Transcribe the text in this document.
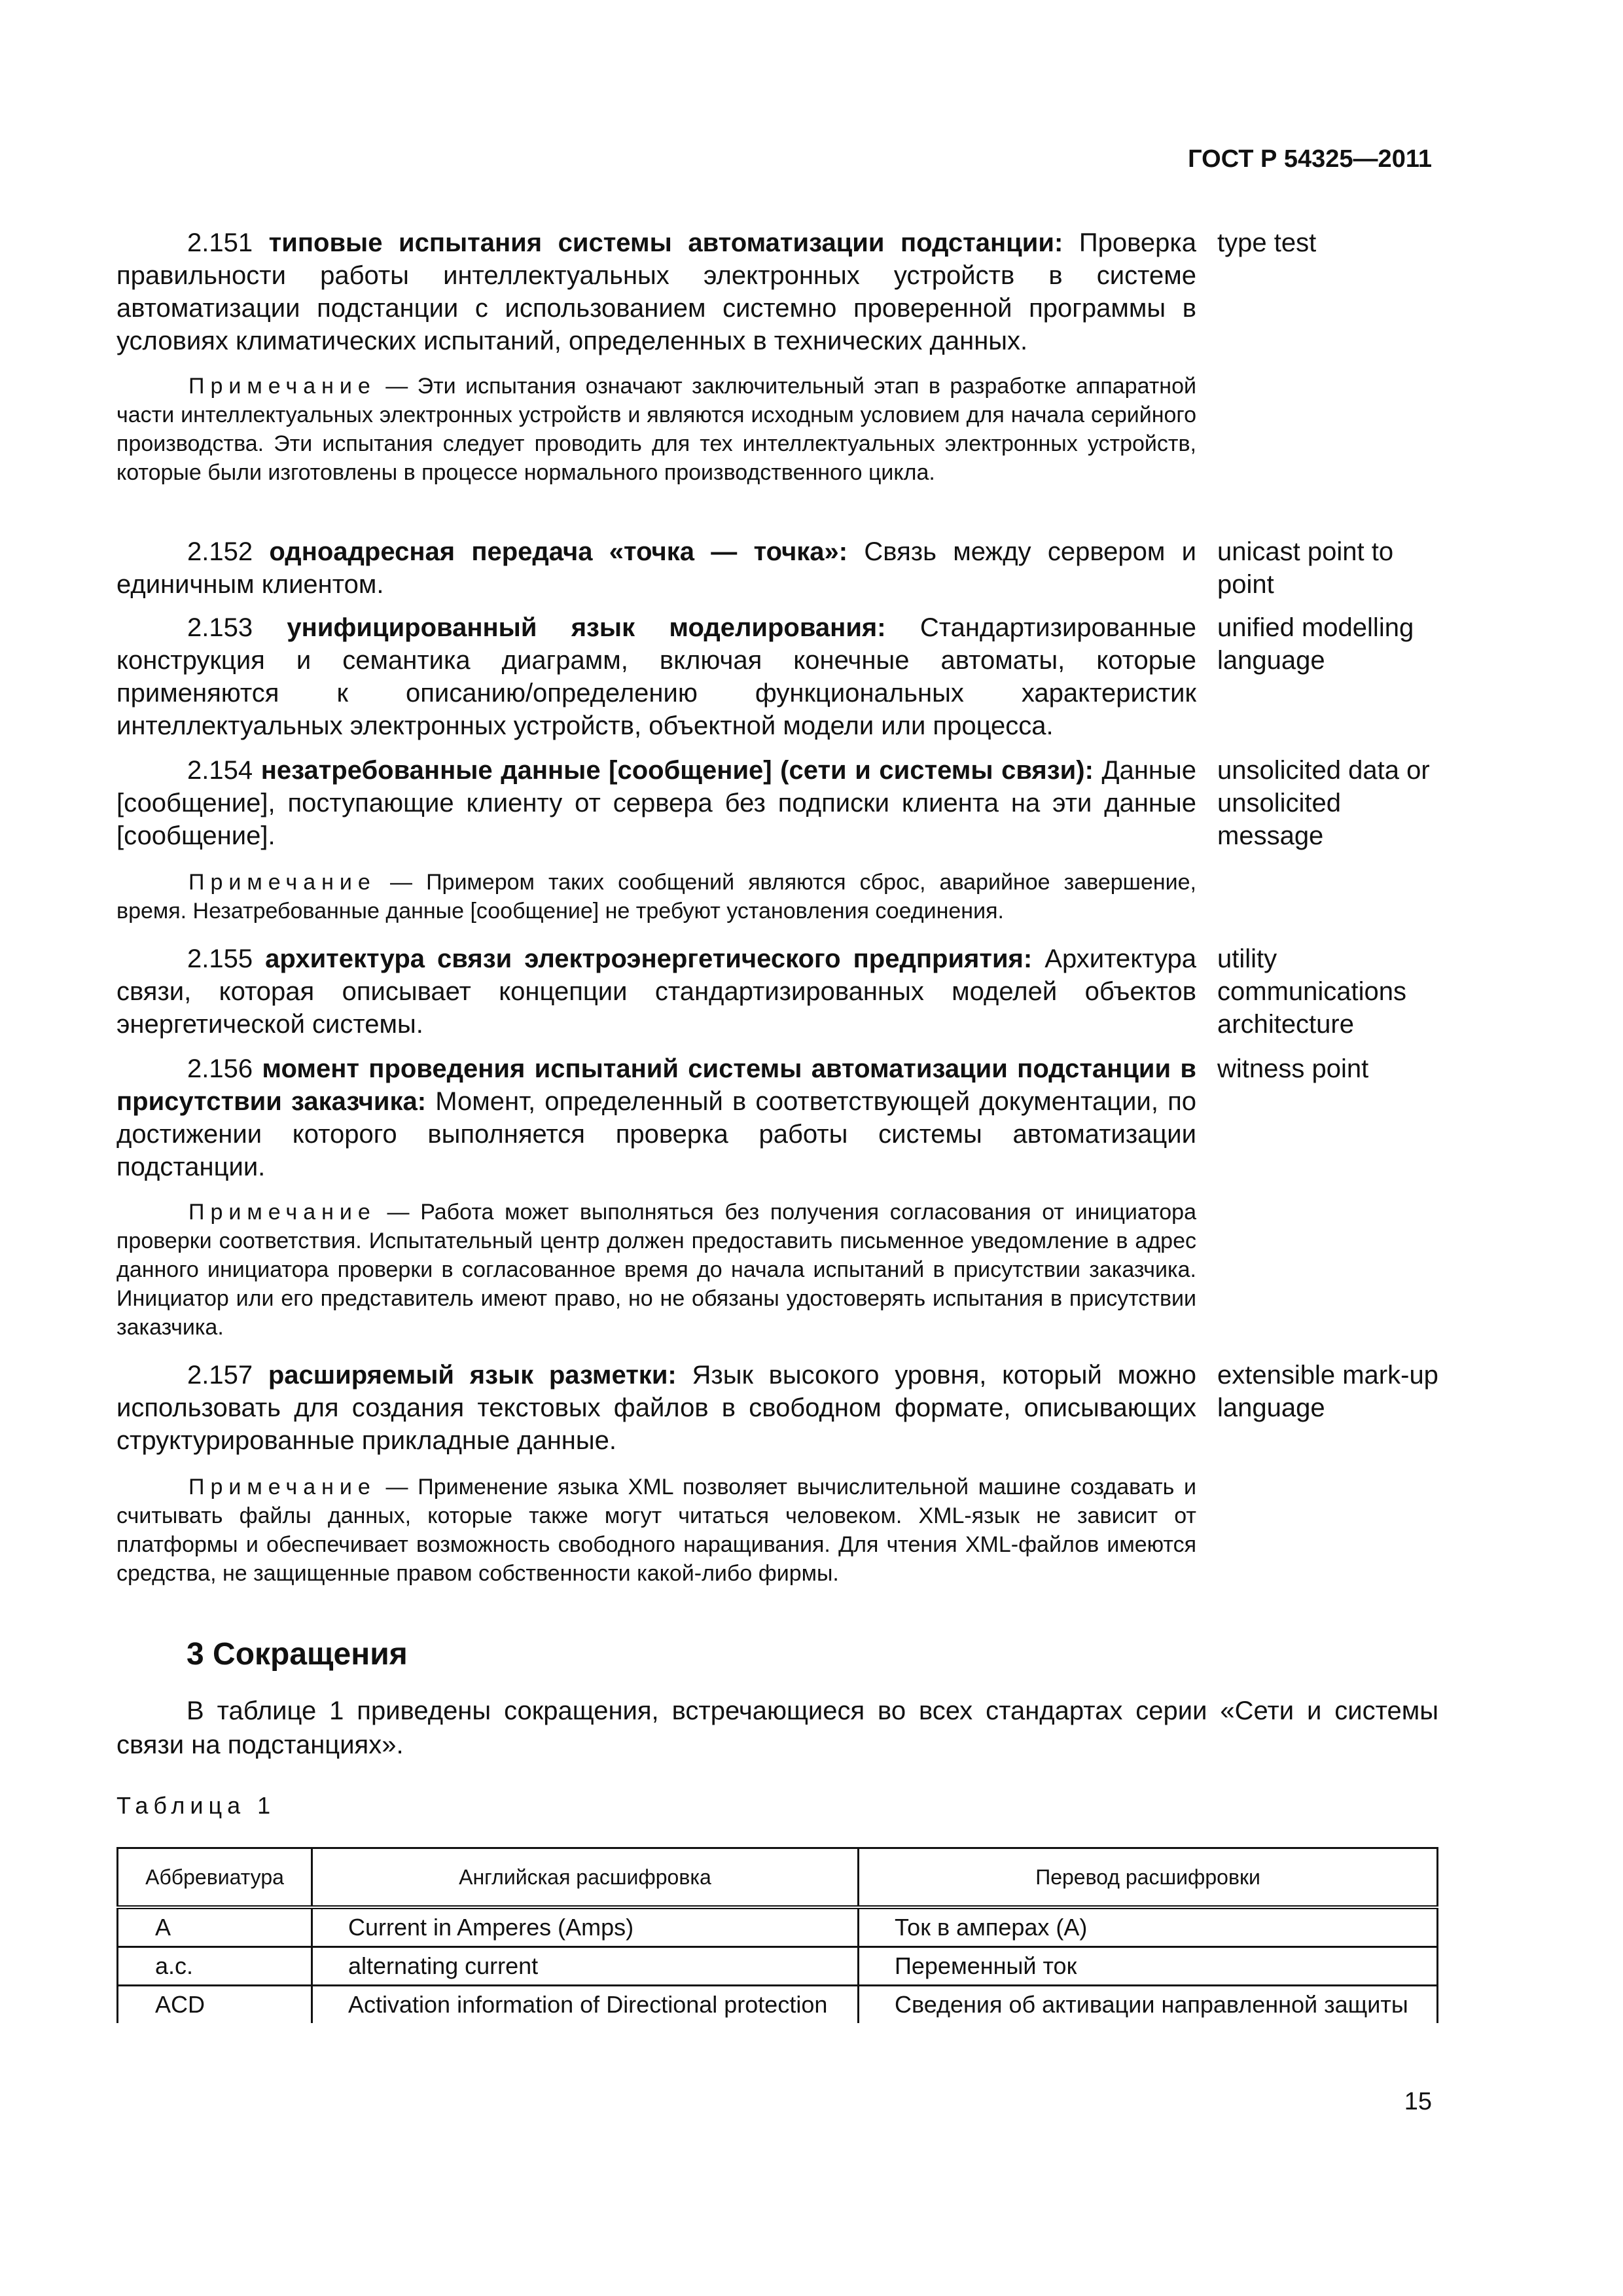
ГОСТ Р 54325—2011
2.151 типовые испытания системы автоматизации подстанции: Проверка правильности работы интеллектуальных электронных устройств в системе автоматизации подстанции с использованием системно проверенной программы в условиях климатических испытаний, определенных в технических данных.
type test
Примечание — Эти испытания означают заключительный этап в разработке аппаратной части интеллектуальных электронных устройств и являются исходным условием для начала серийного производства. Эти испытания следует проводить для тех интеллектуальных электронных устройств, которые были изготовлены в процессе нормального производственного цикла.
2.152 одноадресная передача «точка — точка»: Связь между сервером и единичным клиентом.
unicast point to point
2.153 унифицированный язык моделирования: Стандартизированные конструкция и семантика диаграмм, включая конечные автоматы, которые применяются к описанию/определению функциональных характеристик интеллектуальных электронных устройств, объектной модели или процесса.
unified modelling language
2.154 незатребованные данные [сообщение] (сети и системы связи): Данные [сообщение], поступающие клиенту от сервера без подписки клиента на эти данные [сообщение].
unsolicited data or unsolicited message
Примечание — Примером таких сообщений являются сброс, аварийное завершение, время. Незатребованные данные [сообщение] не требуют установления соединения.
2.155 архитектура связи электроэнергетического предприятия: Архитектура связи, которая описывает концепции стандартизированных моделей объектов энергетической системы.
utility communications architecture
2.156 момент проведения испытаний системы автоматизации подстанции в присутствии заказчика: Момент, определенный в соответствующей документации, по достижении которого выполняется проверка работы системы автоматизации подстанции.
witness point
Примечание — Работа может выполняться без получения согласования от инициатора проверки соответствия. Испытательный центр должен предоставить письменное уведомление в адрес данного инициатора проверки в согласованное время до начала испытаний в присутствии заказчика. Инициатор или его представитель имеют право, но не обязаны удостоверять испытания в присутствии заказчика.
2.157 расширяемый язык разметки: Язык высокого уровня, который можно использовать для создания текстовых файлов в свободном формате, описывающих структурированные прикладные данные.
extensible mark-up language
Примечание — Применение языка XML позволяет вычислительной машине создавать и считывать файлы данных, которые также могут читаться человеком. XML-язык не зависит от платформы и обеспечивает возможность свободного наращивания. Для чтения XML-файлов имеются средства, не защищенные правом собственности какой-либо фирмы.
3 Сокращения
В таблице 1 приведены сокращения, встречающиеся во всех стандартах серии «Сети и системы связи на подстанциях».
Таблица 1
Аббревиатура	Английская расшифровка	Перевод расшифровки
A	Current in Amperes (Amps)	Ток в амперах (A)
a.c.	alternating current	Переменный ток
ACD	Activation information of Directional protection	Сведения об активации направленной защиты
15
